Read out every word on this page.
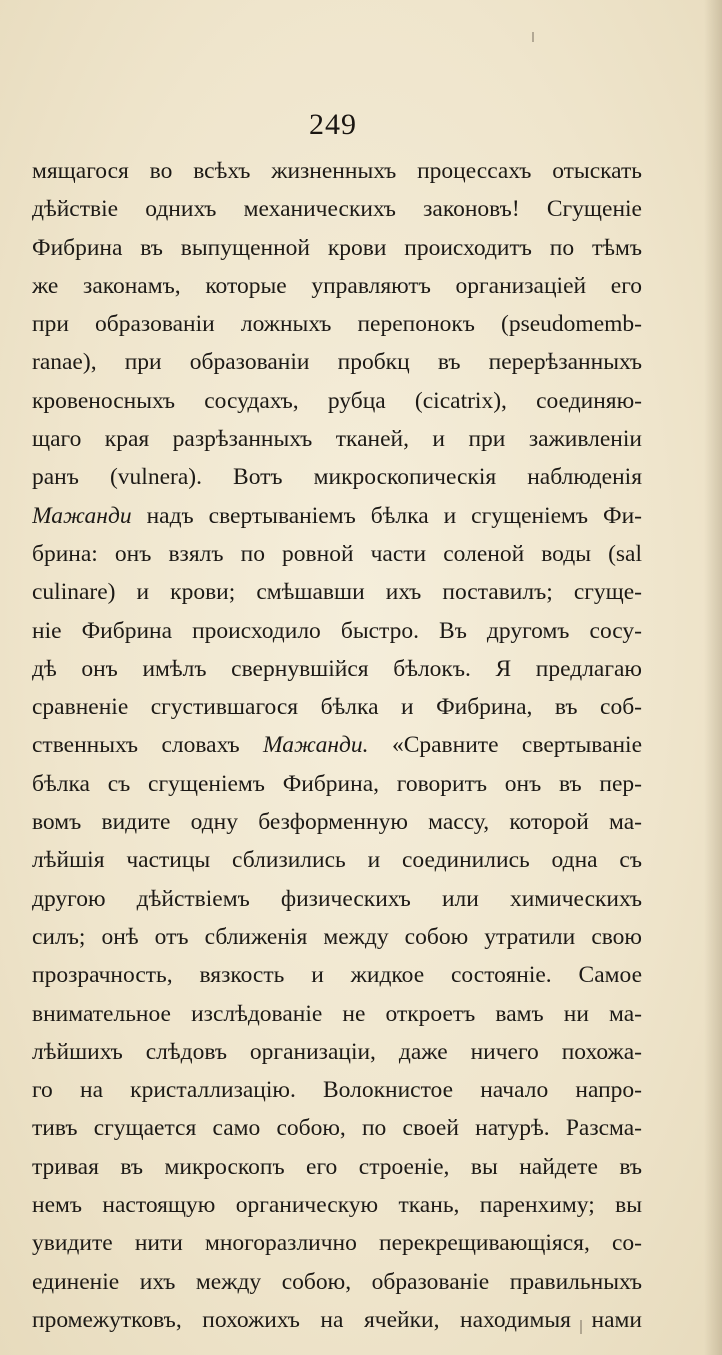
249
мящагося во всѣхъ жизненныхъ процессахъ отыскать
дѣйствіе однихъ механическихъ законовъ! Сгущеніе
Фибрина въ выпущенной крови происходитъ по тѣмъ
же законамъ, которые управляютъ организаціей его
при образованіи ложныхъ перепонокъ (pseudomemb-
ranae), при образованіи пробкц въ перерѣзанныхъ
кровеносныхъ сосудахъ, рубца (cicatrix), соединяю-
щаго края разрѣзанныхъ тканей, и при заживленіи
ранъ (vulnera). Вотъ микроскопическія наблюденія
Мажанди надъ свертываніемъ бѣлка и сгущеніемъ Фи-
брина: онъ взялъ по ровной части соленой воды (sal
culinare) и крови; смѣшавши ихъ поставилъ; сгуще-
ніе Фибрина происходило быстро. Въ другомъ сосу-
дѣ онъ имѣлъ свернувшійся бѣлокъ. Я предлагаю
сравненіе сгустившагося бѣлка и Фибрина, въ соб-
ственныхъ словахъ Мажанди. «Сравните свертываніе
бѣлка съ сгущеніемъ Фибрина, говоритъ онъ въ пер-
вомъ видите одну безформенную массу, которой ма-
лѣйшія частицы сблизились и соединились одна съ
другою дѣйствіемъ физическихъ или химическихъ
силъ; онѣ отъ сближенія между собою утратили свою
прозрачность, вязкость и жидкое состояніе. Самое
внимательное изслѣдованіе не откроетъ вамъ ни ма-
лѣйшихъ слѣдовъ организаціи, даже ничего похожа-
го на кристаллизацію. Волокнистое начало напро-
тивъ сгущается само собою, по своей натурѣ. Разсма-
тривая въ микроскопъ его строеніе, вы найдете въ
немъ настоящую органическую ткань, паренхиму; вы
увидите нити многоразлично перекрещивающіяся, со-
единеніе ихъ между собою, образованіе правильныхъ
промежутковъ, похожихъ на ячейки, находимыя нами
